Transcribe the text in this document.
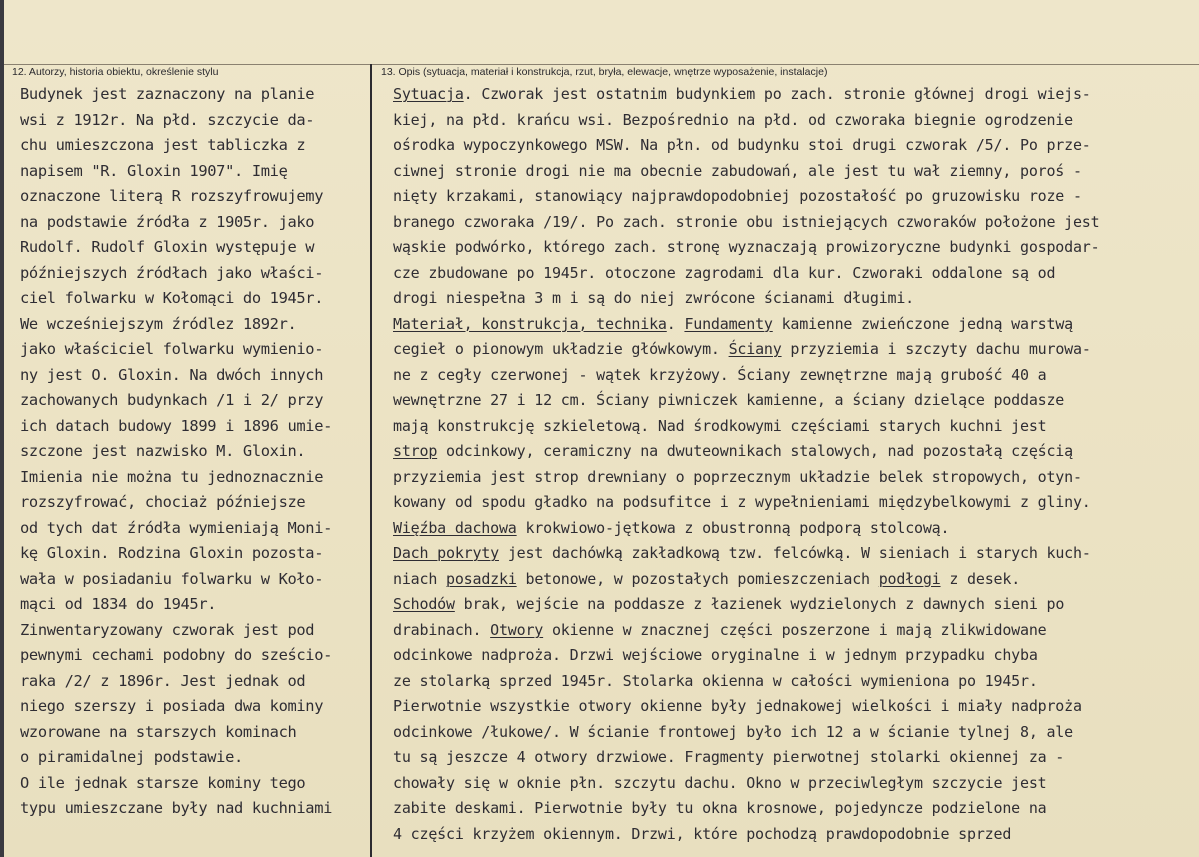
12. Autorzy, historia obiektu, określenie stylu	13. Opis (sytuacja, materiał i konstrukcja, rzut, bryła, elewacje, wnętrze wyposażenie, instalacje)
Budynek jest zaznaczony na planie
wsi z 1912r. Na płd. szczycie da-
chu umieszczona jest tabliczka z
napisem "R. Gloxin 1907". Imię
oznaczone literą R rozszyfrowujemy
na podstawie źródła z 1905r. jako
Rudolf. Rudolf Gloxin występuje w
późniejszych źródłach jako właści-
ciel folwarku w Kołomąci do 1945r.
We wcześniejszym źródlez 1892r.
jako właściciel folwarku wymienio-
ny jest O. Gloxin. Na dwóch innych
zachowanych budynkach /1 i 2/ przy
ich datach budowy 1899 i 1896 umie-
szczone jest nazwisko M. Gloxin.
Imienia nie można tu jednoznacznie
rozszyfrować, chociaż późniejsze
od tych dat źródła wymieniają Moni-
kę Gloxin. Rodzina Gloxin pozosta-
wała w posiadaniu folwarku w Koło-
mąci od 1834 do 1945r.
Zinwentaryzowany czworak jest pod
pewnymi cechami podobny do sześcio-
raka /2/ z 1896r. Jest jednak od
niego szerszy i posiada dwa kominy
wzorowane na starszych kominach
o piramidalnej podstawie.
O ile jednak starsze kominy tego
typu umieszczane były nad kuchniami
Sytuacja. Czworak jest ostatnim budynkiem po zach. stronie głównej drogi wiejs-
kiej, na płd. krańcu wsi. Bezpośrednio na płd. od czworaka biegnie ogrodzenie
ośrodka wypoczynkowego MSW. Na płn. od budynku stoi drugi czworak /5/. Po prze-
ciwnej stronie drogi nie ma obecnie zabudowań, ale jest tu wał ziemny, poroś -
nięty krzakami, stanowiący najprawdopodobniej pozostałość po gruzowisku roze -
branego czworaka /19/. Po zach. stronie obu istniejących czworaków położone jest
wąskie podwórko, którego zach. stronę wyznaczają prowizoryczne budynki gospodar-
cze zbudowane po 1945r. otoczone zagrodami dla kur. Czworaki oddalone są od
drogi niespełna 3 m i są do niej zwrócone ścianami długimi.
Materiał, konstrukcja, technika. Fundamenty kamienne zwieńczone jedną warstwą
cegieł o pionowym układzie główkowym. Ściany przyziemia i szczyty dachu murowa-
ne z cegły czerwonej - wątek krzyżowy. Ściany zewnętrzne mają grubość 40 a
wewnętrzne 27 i 12 cm. Ściany piwniczek kamienne, a ściany dzielące poddasze
mają konstrukcję szkieletową. Nad środkowymi częściami starych kuchni jest
strop odcinkowy, ceramiczny na dwuteownikach stalowych, nad pozostałą częścią
przyziemia jest strop drewniany o poprzecznym układzie belek stropowych, otyn-
kowany od spodu gładko na podsufitce i z wypełnieniami międzybelkowymi z gliny.
Więźba dachowa krokwiowo-jętkowa z obustronną podporą stolcową.
Dach pokryty jest dachówką zakładkową tzw. felcówką. W sieniach i starych kuch-
niach posadzki betonowe, w pozostałych pomieszczeniach podłogi z desek.
Schodów brak, wejście na poddasze z łazienek wydzielonych z dawnych sieni po
drabinach. Otwory okienne w znacznej części poszerzone i mają zlikwidowane
odcinkowe nadproża. Drzwi wejściowe oryginalne i w jednym przypadku chyba
ze stolarką sprzed 1945r. Stolarka okienna w całości wymieniona po 1945r.
Pierwotnie wszystkie otwory okienne były jednakowej wielkości i miały nadproża
odcinkowe /łukowe/. W ścianie frontowej było ich 12 a w ścianie tylnej 8, ale
tu są jeszcze 4 otwory drzwiowe. Fragmenty pierwotnej stolarki okiennej za -
chowały się w oknie płn. szczytu dachu. Okno w przeciwległym szczycie jest
zabite deskami. Pierwotnie były tu okna krosnowe, pojedyncze podzielone na
4 części krzyżem okiennym. Drzwi, które pochodzą prawdopodobnie sprzed
